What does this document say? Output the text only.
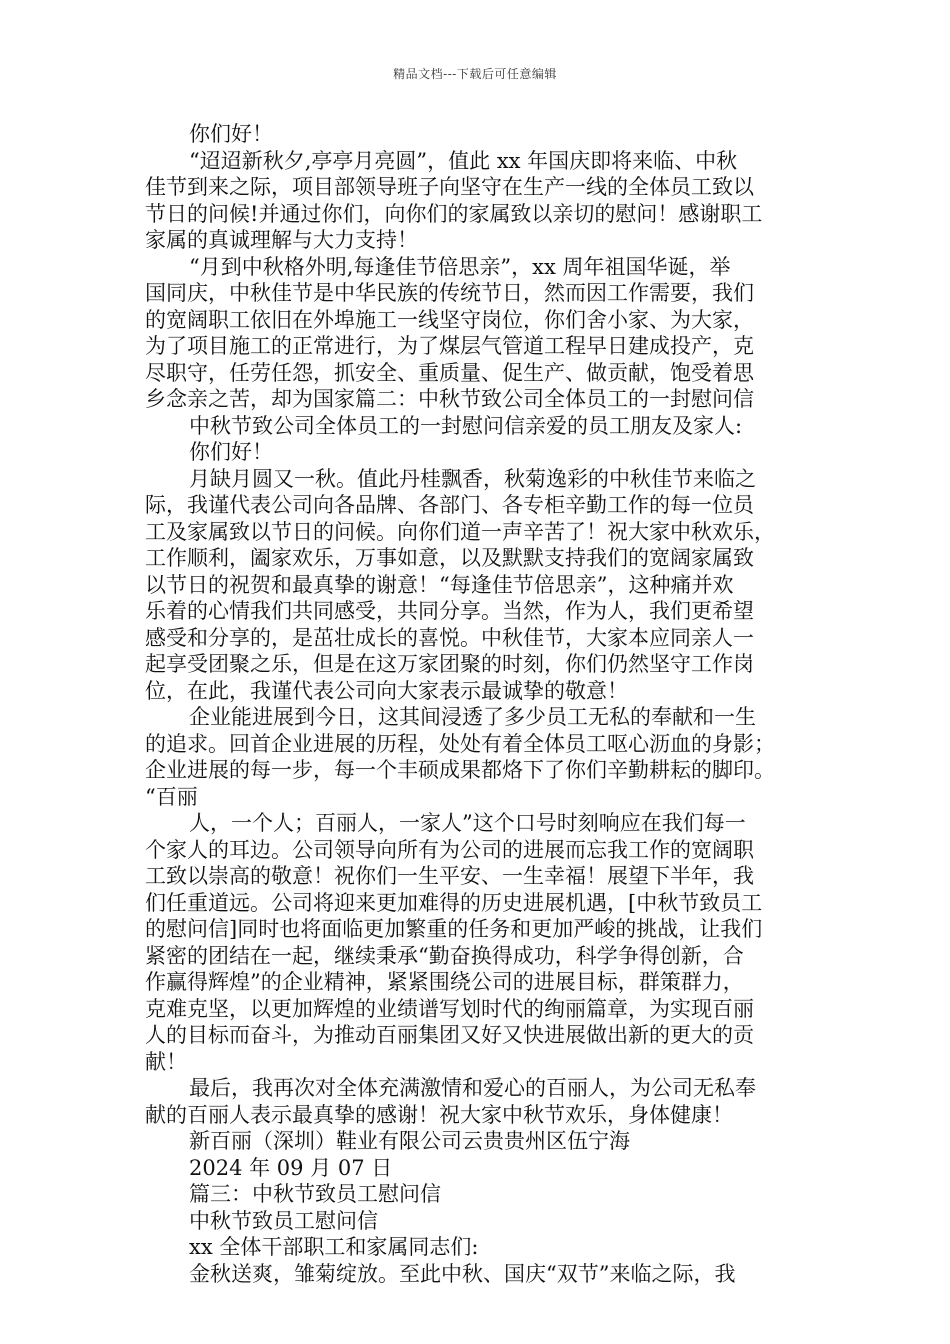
精品文档---下载后可任意编辑
你们好！
“迢迢新秋夕,亭亭月亮圆”，值此 xx 年国庆即将来临、中秋
佳节到来之际，项目部领导班子向坚守在生产一线的全体员工致以
节日的问候!并通过你们，向你们的家属致以亲切的慰问！感谢职工
家属的真诚理解与大力支持！
“月到中秋格外明,每逢佳节倍思亲”，xx 周年祖国华诞，举
国同庆，中秋佳节是中华民族的传统节日，然而因工作需要，我们
的宽阔职工依旧在外埠施工一线坚守岗位，你们舍小家、为大家，
为了项目施工的正常进行，为了煤层气管道工程早日建成投产，克
尽职守，任劳任怨，抓安全、重质量、促生产、做贡献，饱受着思
乡念亲之苦，却为国家篇二：中秋节致公司全体员工的一封慰问信
中秋节致公司全体员工的一封慰问信亲爱的员工朋友及家人:
你们好！
月缺月圆又一秋。值此丹桂飘香，秋菊逸彩的中秋佳节来临之
际，我谨代表公司向各品牌、各部门、各专柜辛勤工作的每一位员
工及家属致以节日的问候。向你们道一声辛苦了！祝大家中秋欢乐，
工作顺利，阖家欢乐，万事如意，以及默默支持我们的宽阔家属致
以节日的祝贺和最真挚的谢意！“每逢佳节倍思亲”，这种痛并欢
乐着的心情我们共同感受，共同分享。当然，作为人，我们更希望
感受和分享的，是茁壮成长的喜悦。中秋佳节，大家本应同亲人一
起享受团聚之乐，但是在这万家团聚的时刻，你们仍然坚守工作岗
位，在此，我谨代表公司向大家表示最诚挚的敬意！
企业能进展到今日，这其间浸透了多少员工无私的奉献和一生
的追求。回首企业进展的历程，处处有着全体员工呕心沥血的身影；
企业进展的每一步，每一个丰硕成果都烙下了你们辛勤耕耘的脚印。
“百丽
人，一个人；百丽人，一家人”这个口号时刻响应在我们每一
个家人的耳边。公司领导向所有为公司的进展而忘我工作的宽阔职
工致以崇高的敬意！祝你们一生平安、一生幸福！展望下半年，我
们任重道远。公司将迎来更加难得的历史进展机遇，[中秋节致员工
的慰问信]同时也将面临更加繁重的任务和更加严峻的挑战，让我们
紧密的团结在一起，继续秉承“勤奋换得成功，科学争得创新，合
作赢得辉煌”的企业精神，紧紧围绕公司的进展目标，群策群力，
克难克坚，以更加辉煌的业绩谱写划时代的绚丽篇章，为实现百丽
人的目标而奋斗，为推动百丽集团又好又快进展做出新的更大的贡
献！
最后，我再次对全体充满激情和爱心的百丽人，为公司无私奉
献的百丽人表示最真挚的感谢！祝大家中秋节欢乐，身体健康！
新百丽（深圳）鞋业有限公司云贵贵州区伍宁海
2024 年 09 月 07 日
篇三：中秋节致员工慰问信
中秋节致员工慰问信
xx 全体干部职工和家属同志们:
金秋送爽，雏菊绽放。至此中秋、国庆“双节”来临之际，我
